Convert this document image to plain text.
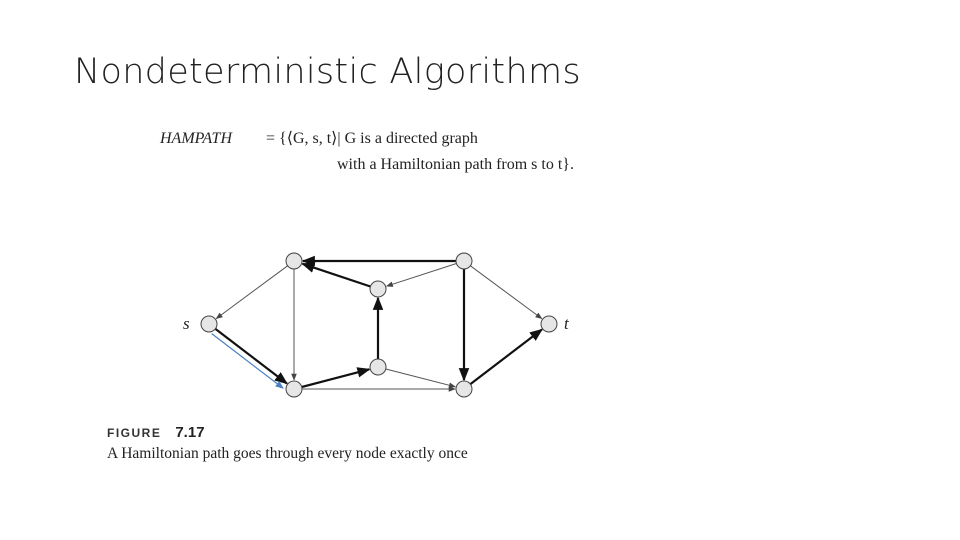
Nondeterministic Algorithms
HAMPATH = {⟨G, s, t⟩| G is a directed graph
with a Hamiltonian path from s to t}.
s	t
FIGURE 7.17
A Hamiltonian path goes through every node exactly once
